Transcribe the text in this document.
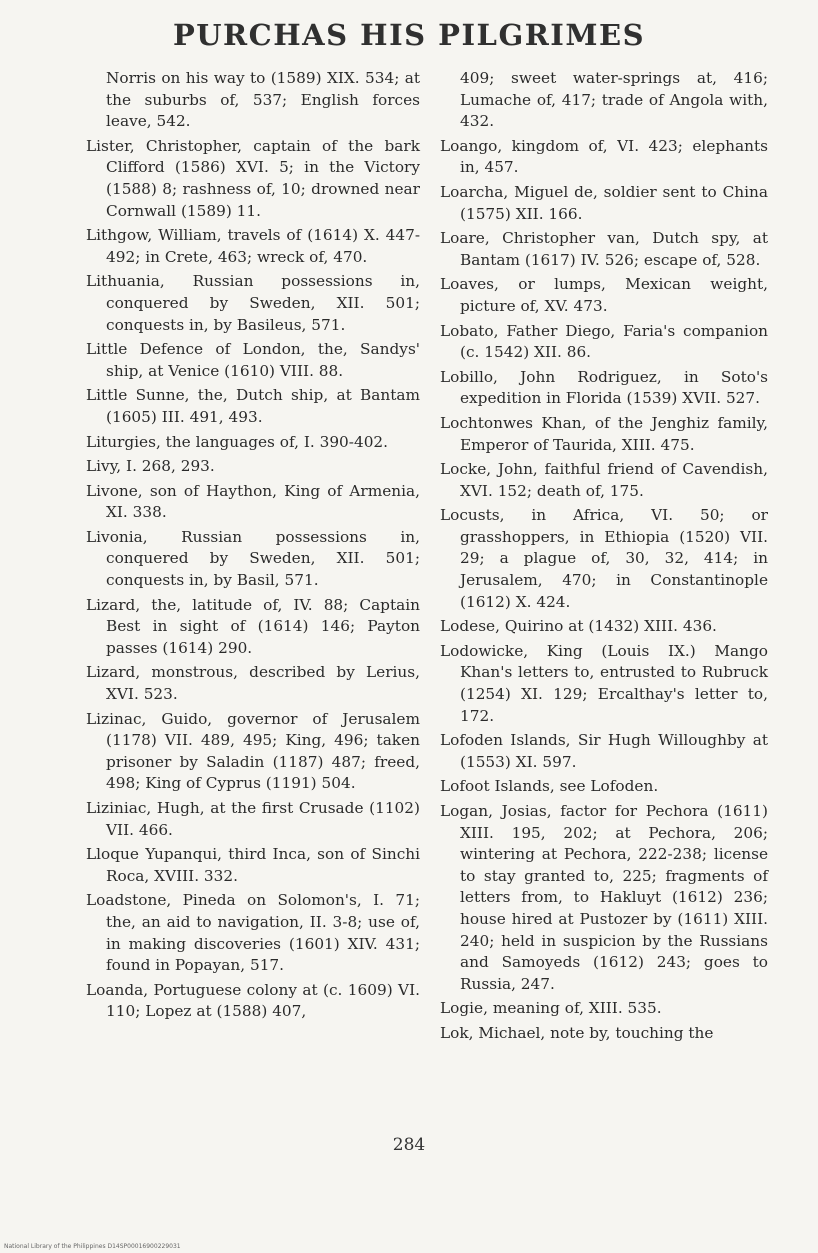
PURCHAS HIS PILGRIMES

Norris on his way to (1589) XIX. 534; at the suburbs of, 537; English forces leave, 542.

Lister, Christopher, captain of the bark Clifford (1586) XVI. 5; in the Victory (1588) 8; rashness of, 10; drowned near Cornwall (1589) 11.

Lithgow, William, travels of (1614) X. 447-492; in Crete, 463; wreck of, 470.

Lithuania, Russian possessions in, conquered by Sweden, XII. 501; conquests in, by Basileus, 571.

Little Defence of London, the, Sandys' ship, at Venice (1610) VIII. 88.

Little Sunne, the, Dutch ship, at Bantam (1605) III. 491, 493.

Liturgies, the languages of, I. 390-402.

Livy, I. 268, 293.

Livone, son of Haython, King of Armenia, XI. 338.

Livonia, Russian possessions in, conquered by Sweden, XII. 501; conquests in, by Basil, 571.

Lizard, the, latitude of, IV. 88; Captain Best in sight of (1614) 146; Payton passes (1614) 290.

Lizard, monstrous, described by Lerius, XVI. 523.

Lizinac, Guido, governor of Jerusalem (1178) VII. 489, 495; King, 496; taken prisoner by Saladin (1187) 487; freed, 498; King of Cyprus (1191) 504.

Liziniac, Hugh, at the first Crusade (1102) VII. 466.

Lloque Yupanqui, third Inca, son of Sinchi Roca, XVIII. 332.

Loadstone, Pineda on Solomon's, I. 71; the, an aid to navigation, II. 3-8; use of, in making discoveries (1601) XIV. 431; found in Popayan, 517.

Loanda, Portuguese colony at (c. 1609) VI. 110; Lopez at (1588) 407,

409; sweet water-springs at, 416; Lumache of, 417; trade of Angola with, 432.

Loango, kingdom of, VI. 423; elephants in, 457.

Loarcha, Miguel de, soldier sent to China (1575) XII. 166.

Loare, Christopher van, Dutch spy, at Bantam (1617) IV. 526; escape of, 528.

Loaves, or lumps, Mexican weight, picture of, XV. 473.

Lobato, Father Diego, Faria's companion (c. 1542) XII. 86.

Lobillo, John Rodriguez, in Soto's expedition in Florida (1539) XVII. 527.

Lochtonwes Khan, of the Jenghiz family, Emperor of Taurida, XIII. 475.

Locke, John, faithful friend of Cavendish, XVI. 152; death of, 175.

Locusts, in Africa, VI. 50; or grasshoppers, in Ethiopia (1520) VII. 29; a plague of, 30, 32, 414; in Jerusalem, 470; in Constantinople (1612) X. 424.

Lodese, Quirino at (1432) XIII. 436.

Lodowicke, King (Louis IX.) Mango Khan's letters to, entrusted to Rubruck (1254) XI. 129; Ercalthay's letter to, 172.

Lofoden Islands, Sir Hugh Willoughby at (1553) XI. 597.

Lofoot Islands, see Lofoden.

Logan, Josias, factor for Pechora (1611) XIII. 195, 202; at Pechora, 206; wintering at Pechora, 222-238; license to stay granted to, 225; fragments of letters from, to Hakluyt (1612) 236; house hired at Pustozer by (1611) XIII. 240; held in suspicion by the Russians and Samoyeds (1612) 243; goes to Russia, 247.

Logie, meaning of, XIII. 535.

Lok, Michael, note by, touching the

284
National Library of the Philippines D14SP00016900229031
